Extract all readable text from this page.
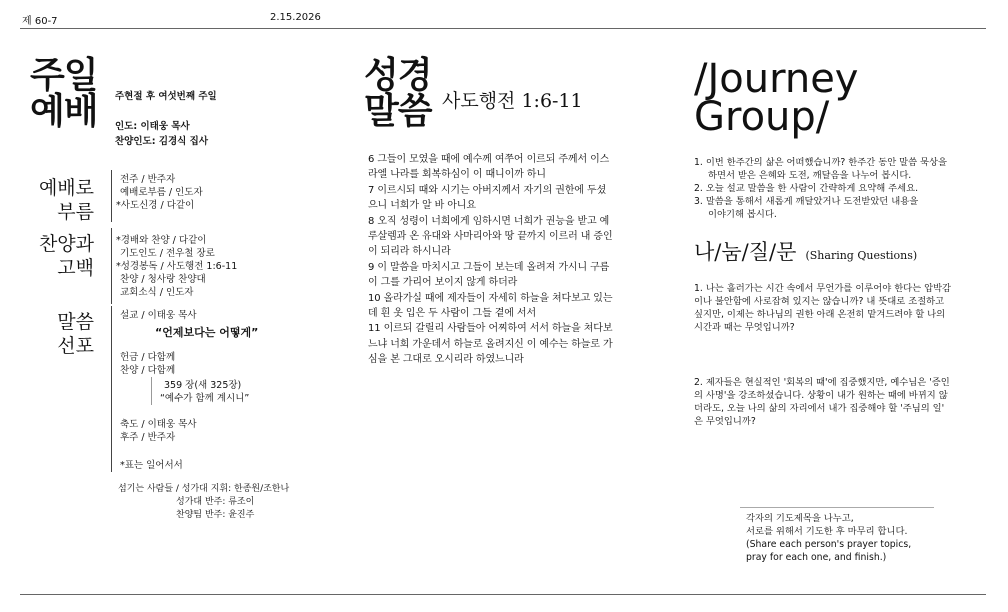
제 60-7	2.15.2026
주일
예배 주현절 후 여섯번째 주일
인도: 이태웅 목사
찬양인도: 김경식 집사
예배로
부름
전주 / 반주자
예배로부름 / 인도자
*사도신경 / 다같이
찬양과
고백
*경배와 찬양 / 다같이
기도인도 / 전우철 장로
*성경봉독 / 사도행전 1:6-11
찬양 / 청사랑 찬양대
교회소식 / 인도자
말씀
선포
설교 / 이태웅 목사
“언제보다는 어떻게”
헌금 / 다함께
찬양 / 다함께
359 장(새 325장)
“예수가 함께 계시니”
축도 / 이태웅 목사
후주 / 반주자
*표는 일어서서
섬기는 사람들 / 성가대 지휘: 한종원/조한나
성가대 반주: 류조이
찬양팀 반주: 윤진주
성경
말씀 사도행전 1:6-11
6 그들이 모였을 때에 예수께 여쭈어 이르되 주께서 이스
라엘 나라를 회복하심이 이 때니이까 하니
7 이르시되 때와 시기는 아버지께서 자기의 권한에 두셨
으니 너희가 알 바 아니요
8 오직 성령이 너희에게 임하시면 너희가 권능을 받고 예
루살렘과 온 유대와 사마리아와 땅 끝까지 이르러 내 증인
이 되리라 하시니라
9 이 말씀을 마치시고 그들이 보는데 올려져 가시니 구름
이 그를 가리어 보이지 않게 하더라
10 올라가실 때에 제자들이 자세히 하늘을 쳐다보고 있는
데 흰 옷 입은 두 사람이 그들 곁에 서서
11 이르되 갈릴리 사람들아 어찌하여 서서 하늘을 쳐다보
느냐 너희 가운데서 하늘로 올려지신 이 예수는 하늘로 가
심을 본 그대로 오시리라 하였느니라
/Journey
Group/
1. 이번 한주간의 삶은 어떠했습니까? 한주간 동안 말씀 묵상을
하면서 받은 은혜와 도전, 깨달음을 나누어 봅시다.
2. 오늘 설교 말씀을 한 사람이 간략하게 요약해 주세요.
3. 말씀을 통해서 새롭게 깨달았거나 도전받았던 내용을
이야기해 봅시다.
나/눔/질/문 (Sharing Questions)
1. 나는 흘러가는 시간 속에서 무언가를 이루어야 한다는 압박감
이나 불안함에 사로잡혀 있지는 않습니까? 내 뜻대로 조절하고
싶지만, 이제는 하나님의 권한 아래 온전히 맡겨드려야 할 나의
시간과 때는 무엇입니까?
2. 제자들은 현실적인 '회복의 때'에 집중했지만, 예수님은 '증인
의 사명'을 강조하셨습니다. 상황이 내가 원하는 때에 바뀌지 않
더라도, 오늘 나의 삶의 자리에서 내가 집중해야 할 '주님의 일'
은 무엇입니까?
각자의 기도제목을 나누고,
서로를 위해서 기도한 후 마무리 합니다.
(Share each person's prayer topics,
pray for each one, and finish.)
